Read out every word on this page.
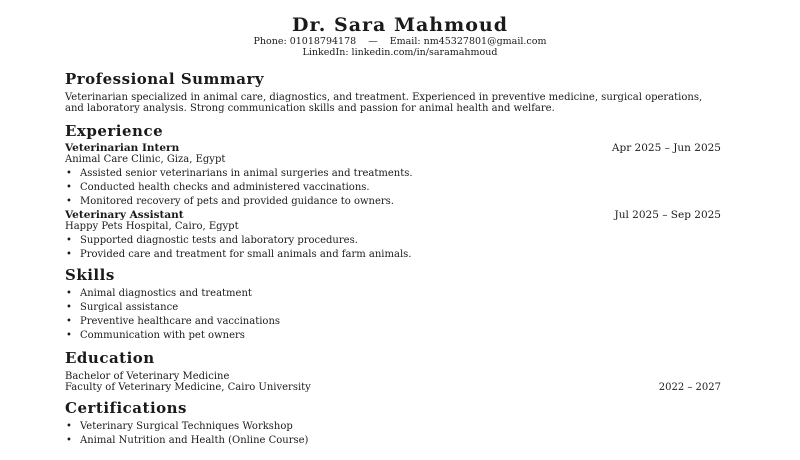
Dr. Sara Mahmoud
Phone: 01018794178 — Email: nm45327801@gmail.com
LinkedIn: linkedin.com/in/saramahmoud
Professional Summary

Veterinarian specialized in animal care, diagnostics, and treatment. Experienced in preventive medicine, surgical operations, and laboratory analysis. Strong communication skills and passion for animal health and welfare.

Experience
Veterinarian Intern	Apr 2025 – Jun 2025
Animal Care Clinic, Giza, Egypt
• Assisted senior veterinarians in animal surgeries and treatments.
• Conducted health checks and administered vaccinations.
• Monitored recovery of pets and provided guidance to owners.
Veterinary Assistant	Jul 2025 – Sep 2025
Happy Pets Hospital, Cairo, Egypt
• Supported diagnostic tests and laboratory procedures.
• Provided care and treatment for small animals and farm animals.
Skills
• Animal diagnostics and treatment
• Surgical assistance
• Preventive healthcare and vaccinations
• Communication with pet owners
Education
Bachelor of Veterinary Medicine
Faculty of Veterinary Medicine, Cairo University	2022 – 2027
Certifications
• Veterinary Surgical Techniques Workshop
• Animal Nutrition and Health (Online Course)
